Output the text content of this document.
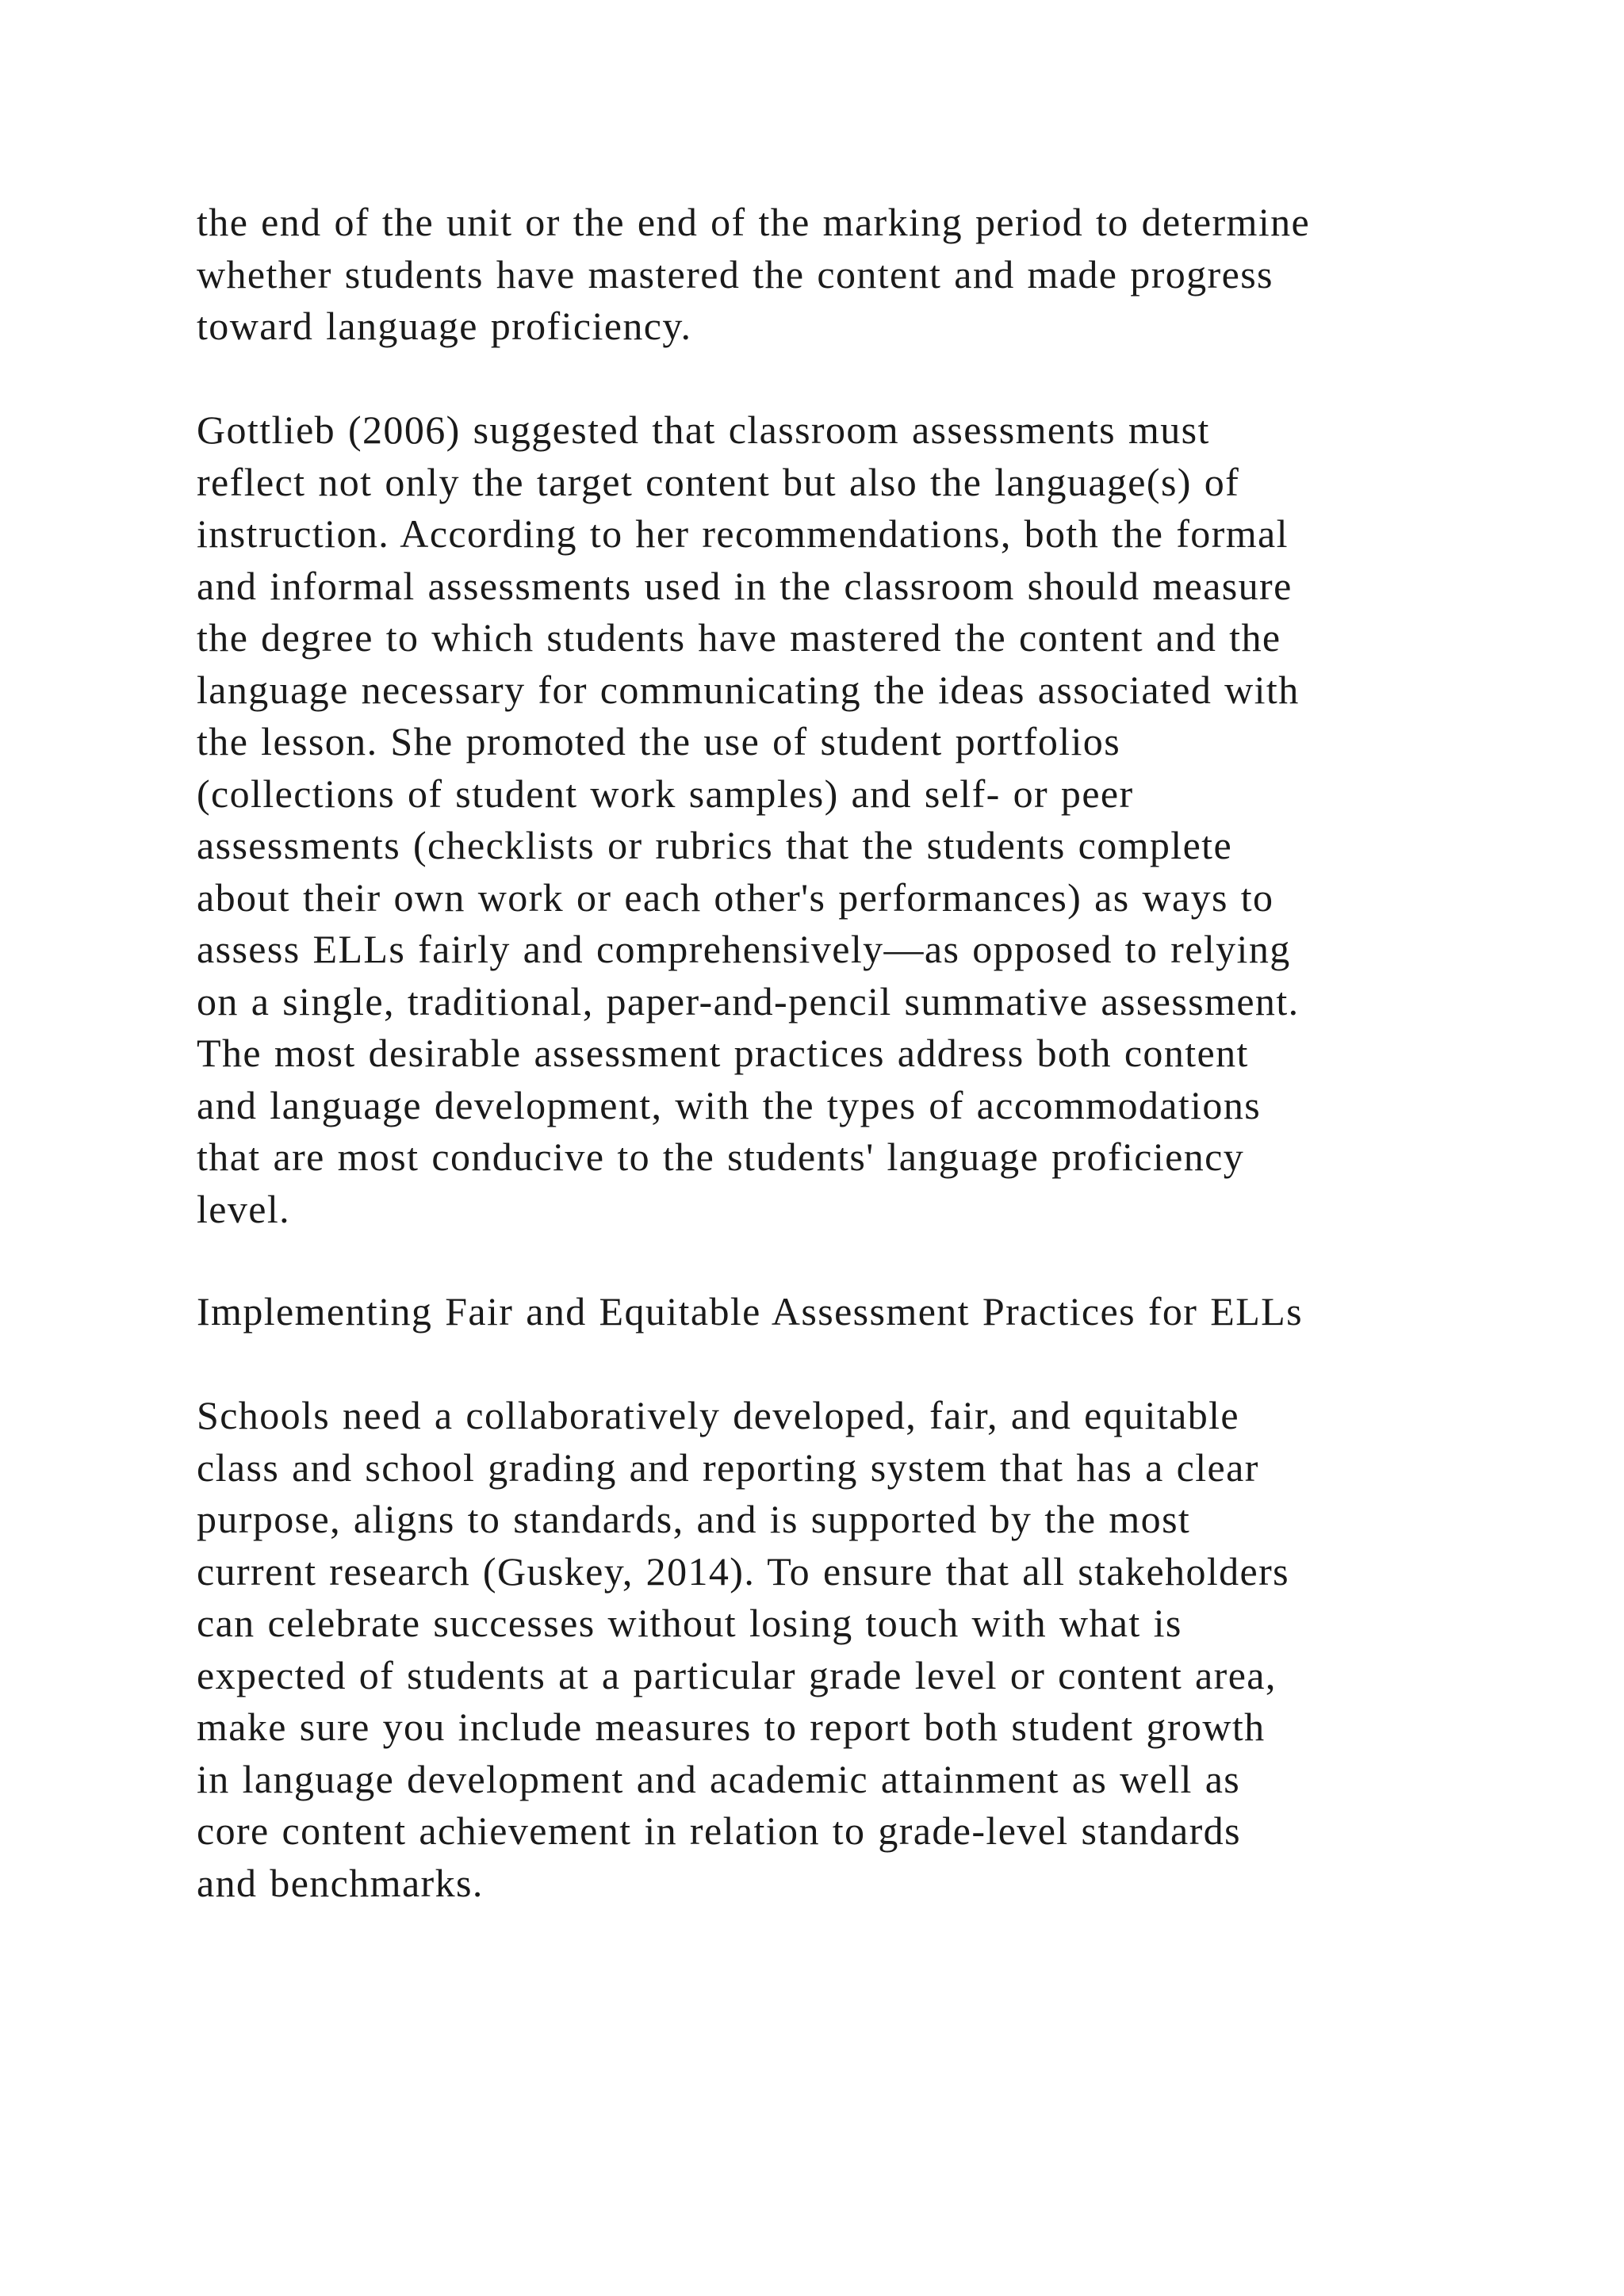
the end of the unit or the end of the marking period to determine
whether students have mastered the content and made progress
toward language proficiency.
Gottlieb (2006) suggested that classroom assessments must
reflect not only the target content but also the language(s) of
instruction. According to her recommendations, both the formal
and informal assessments used in the classroom should measure
the degree to which students have mastered the content and the
language necessary for communicating the ideas associated with
the lesson. She promoted the use of student portfolios
(collections of student work samples) and self- or peer
assessments (checklists or rubrics that the students complete
about their own work or each other's performances) as ways to
assess ELLs fairly and comprehensively—as opposed to relying
on a single, traditional, paper-and-pencil summative assessment.
The most desirable assessment practices address both content
and language development, with the types of accommodations
that are most conducive to the students' language proficiency
level.
Implementing Fair and Equitable Assessment Practices for ELLs
Schools need a collaboratively developed, fair, and equitable
class and school grading and reporting system that has a clear
purpose, aligns to standards, and is supported by the most
current research (Guskey, 2014). To ensure that all stakeholders
can celebrate successes without losing touch with what is
expected of students at a particular grade level or content area,
make sure you include measures to report both student growth
in language development and academic attainment as well as
core content achievement in relation to grade-level standards
and benchmarks.
